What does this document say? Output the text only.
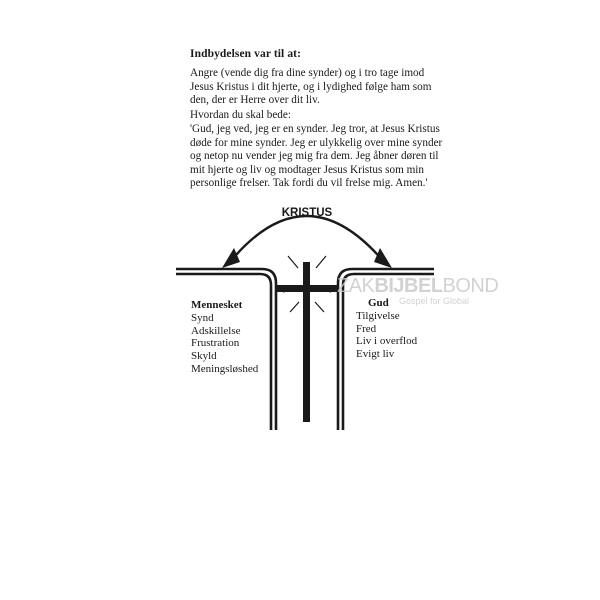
Indbydelsen var til at:

Angre (vende dig fra dine synder) og i tro tage imod
Jesus Kristus i dit hjerte, og i lydighed følge ham som
den, der er Herre over dit liv.

Hvordan du skal bede:

'Gud, jeg ved, jeg er en synder. Jeg tror, at Jesus Kristus
døde for mine synder. Jeg er ulykkelig over mine synder
og netop nu vender jeg mig fra dem. Jeg åbner døren til
mit hjerte og liv og modtager Jesus Kristus som min
personlige frelser. Tak fordi du vil frelse mig. Amen.'

KRISTUS
ZAKBIJBELBOND
Gospel for Global
Mennesket
Synd
Adskillelse
Frustration
Skyld
Meningsløshed
Gud
Tilgivelse
Fred
Liv i overflod
Evigt liv
